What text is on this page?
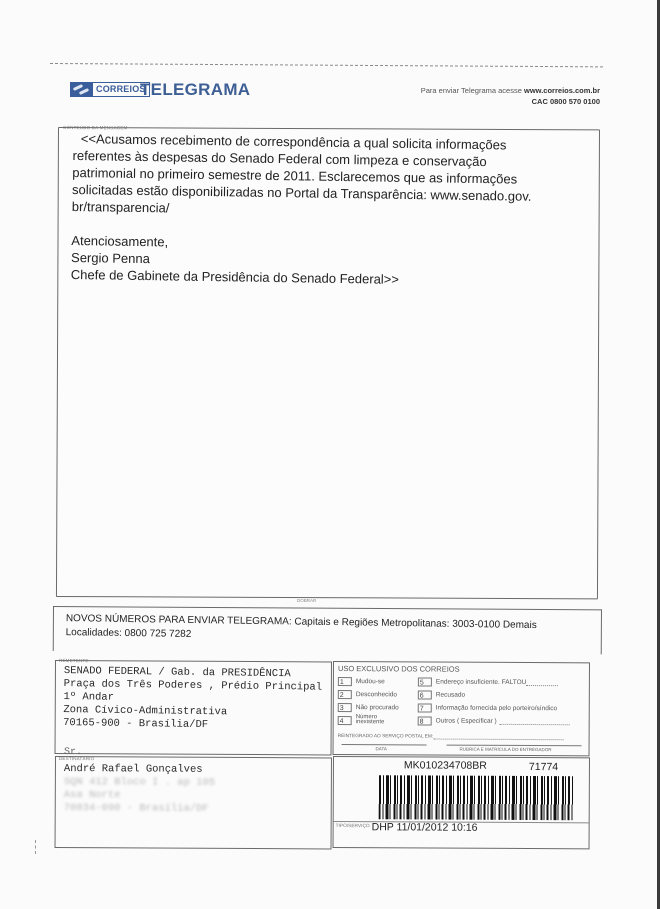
CORREIOS
TELEGRAMA	Para enviar Telegrama acesse www.correios.com.br
CAC 0800 570 0100
CONTEÚDO DA MENSAGEM

<<Acusamos recebimento de correspondência a qual solicita informações

referentes às despesas do Senado Federal com limpeza e conservação

patrimonial no primeiro semestre de 2011. Esclarecemos que as informações

solicitadas estão disponibilizadas no Portal da Transparência: www.senado.gov.

br/transparencia/

Atenciosamente,

Sergio Penna

Chefe de Gabinete da Presidência do Senado Federal>>

DOBRAR
NOVOS NÚMEROS PARA ENVIAR TELEGRAMA: Capitais e Regiões Metropolitanas: 3003-0100 Demais
Localidades: 0800 725 7282
REMETENTE
SENADO FEDERAL / Gab. da PRESIDÊNCIA
Praça dos Três Poderes , Prédio Principal
1º Andar
Zona Cívico-Administrativa
70165-900 - Brasília/DF
USO EXCLUSIVO DOS CORREIOS
1	Mudou-se
2	Desconhecido
3	Não procurado
4
Número inexistente
5	Endereço insuficiente. FALTOU
6	Recusado
7	Informação fornecida pelo porteiro/síndico
8	Outros ( Especificar )
REINTEGRADO AO SERVIÇO POSTAL EM:
DATA	RUBRICA E MATRÍCULA DO ENTREGADOR
Sr.
DESTINATÁRIO
André Rafael Gonçalves
SQN 412 Bloco I . ap 105
Asa Norte
70834-090 - Brasília/DF
MK010234708BR	71774
TIPO/SERVIÇO DHP 11/01/2012 10:16
